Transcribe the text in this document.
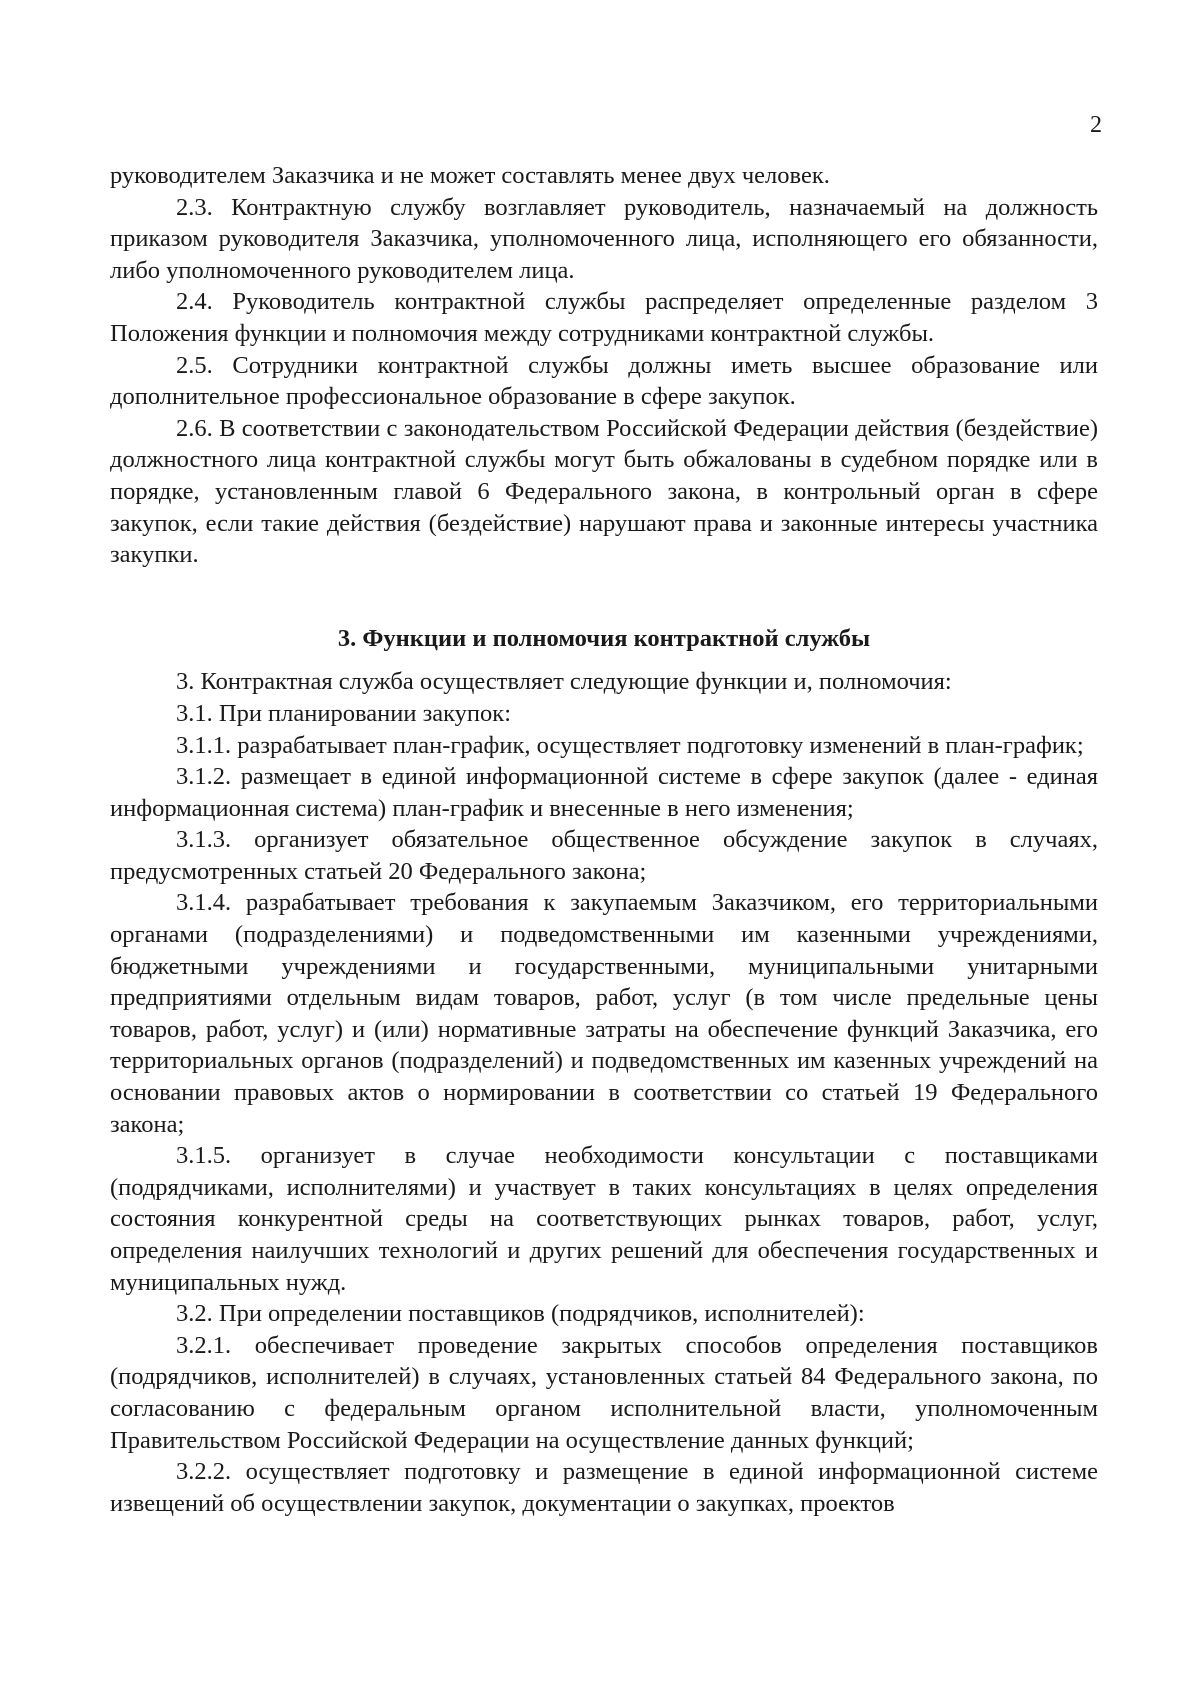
2

руководителем Заказчика и не может составлять менее двух человек.

2.3. Контрактную службу возглавляет руководитель, назначаемый на должность приказом руководителя Заказчика, уполномоченного лица, исполняющего его обязанности, либо уполномоченного руководителем лица.

2.4. Руководитель контрактной службы распределяет определенные разделом 3 Положения функции и полномочия между сотрудниками контрактной службы.

2.5. Сотрудники контрактной службы должны иметь высшее образование или дополнительное профессиональное образование в сфере закупок.

2.6. В соответствии с законодательством Российской Федерации действия (бездействие) должностного лица контрактной службы могут быть обжалованы в судебном порядке или в порядке, установленным главой 6 Федерального закона, в контрольный орган в сфере закупок, если такие действия (бездействие) нарушают права и законные интересы участника закупки.

3. Функции и полномочия контрактной службы

3. Контрактная служба осуществляет следующие функции и, полномочия:

3.1. При планировании закупок:

3.1.1. разрабатывает план-график, осуществляет подготовку изменений в план-график;

3.1.2. размещает в единой информационной системе в сфере закупок (далее - единая информационная система) план-график и внесенные в него изменения;

3.1.3. организует обязательное общественное обсуждение закупок в случаях, предусмотренных статьей 20 Федерального закона;

3.1.4. разрабатывает требования к закупаемым Заказчиком, его территориальными органами (подразделениями) и подведомственными им казенными учреждениями, бюджетными учреждениями и государственными, муниципальными унитарными предприятиями отдельным видам товаров, работ, услуг (в том числе предельные цены товаров, работ, услуг) и (или) нормативные затраты на обеспечение функций Заказчика, его территориальных органов (подразделений) и подведомственных им казенных учреждений на основании правовых актов о нормировании в соответствии со статьей 19 Федерального закона;

3.1.5. организует в случае необходимости консультации с поставщиками (подрядчиками, исполнителями) и участвует в таких консультациях в целях определения состояния конкурентной среды на соответствующих рынках товаров, работ, услуг, определения наилучших технологий и других решений для обеспечения государственных и муниципальных нужд.

3.2. При определении поставщиков (подрядчиков, исполнителей):

3.2.1. обеспечивает проведение закрытых способов определения поставщиков (подрядчиков, исполнителей) в случаях, установленных статьей 84 Федерального закона, по согласованию с федеральным органом исполнительной власти, уполномоченным Правительством Российской Федерации на осуществление данных функций;

3.2.2. осуществляет подготовку и размещение в единой информационной системе извещений об осуществлении закупок, документации о закупках, проектов
